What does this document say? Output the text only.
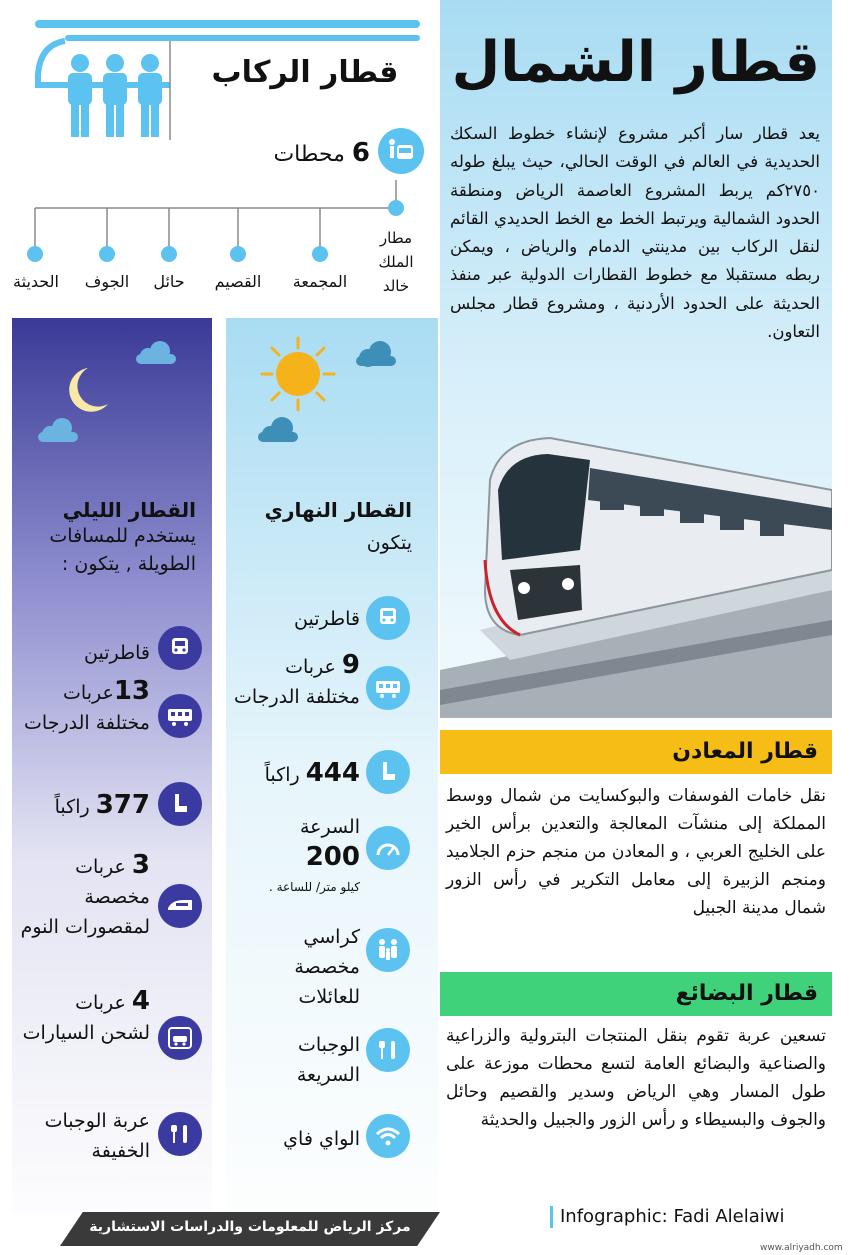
قطار الشمال
يعد قطار سار أكبر مشروع لإنشاء خطوط السكك الحديدية في العالم في الوقت الحالي، حيث يبلغ طوله ٢٧٥٠كم يربط المشروع العاصمة الرياض ومنطقة الحدود الشمالية ويرتبط الخط مع الخط الحديدي القائم لنقل الركاب بين مدينتي الدمام والرياض ، ويمكن ربطه مستقبلا مع خطوط القطارات الدولية عبر منفذ الحديثة على الحدود الأردنية ، ومشروع قطار مجلس التعاون.
قطار المعادن
نقل خامات الفوسفات والبوكسايت من شمال ووسط المملكة إلى منشآت المعالجة والتعدين برأس الخير على الخليج العربي ، و المعادن من منجم حزم الجلاميد ومنجم الزبيرة إلى معامل التكرير في رأس الزور شمال مدينة الجبيل
قطار البضائع
تسعين عربة تقوم بنقل المنتجات البترولية والزراعية والصناعية والبضائع العامة لتسع محطات موزعة على طول المسار وهي الرياض وسدير والقصيم وحائل والجوف والبسيطاء و رأس الزور والجبيل والحديثة
قطار الركاب
6 محطات
مطار الملك خالد
المجمعة
القصيم
حائل
الجوف
الحديثة
القطار النهاري
يتكون
قاطرتين
9 عربات
مختلفة الدرجات
444 راكباً
السرعة
200
كيلو متر/ للساعة .
كراسي مخصصة للعائلات
الوجبات السريعة
الواي فاي
القطار الليلي
يستخدم للمسافات الطويلة , يتكون :
قاطرتين
13عربات
مختلفة الدرجات
377 راكباً
3 عربات مخصصة لمقصورات النوم
4 عربات لشحن السيارات
عربة الوجبات الخفيفة
مركز الرياض للمعلومات والدراسات الاستشارية	Infographic: Fadi Alelaiwi
www.alriyadh.com
